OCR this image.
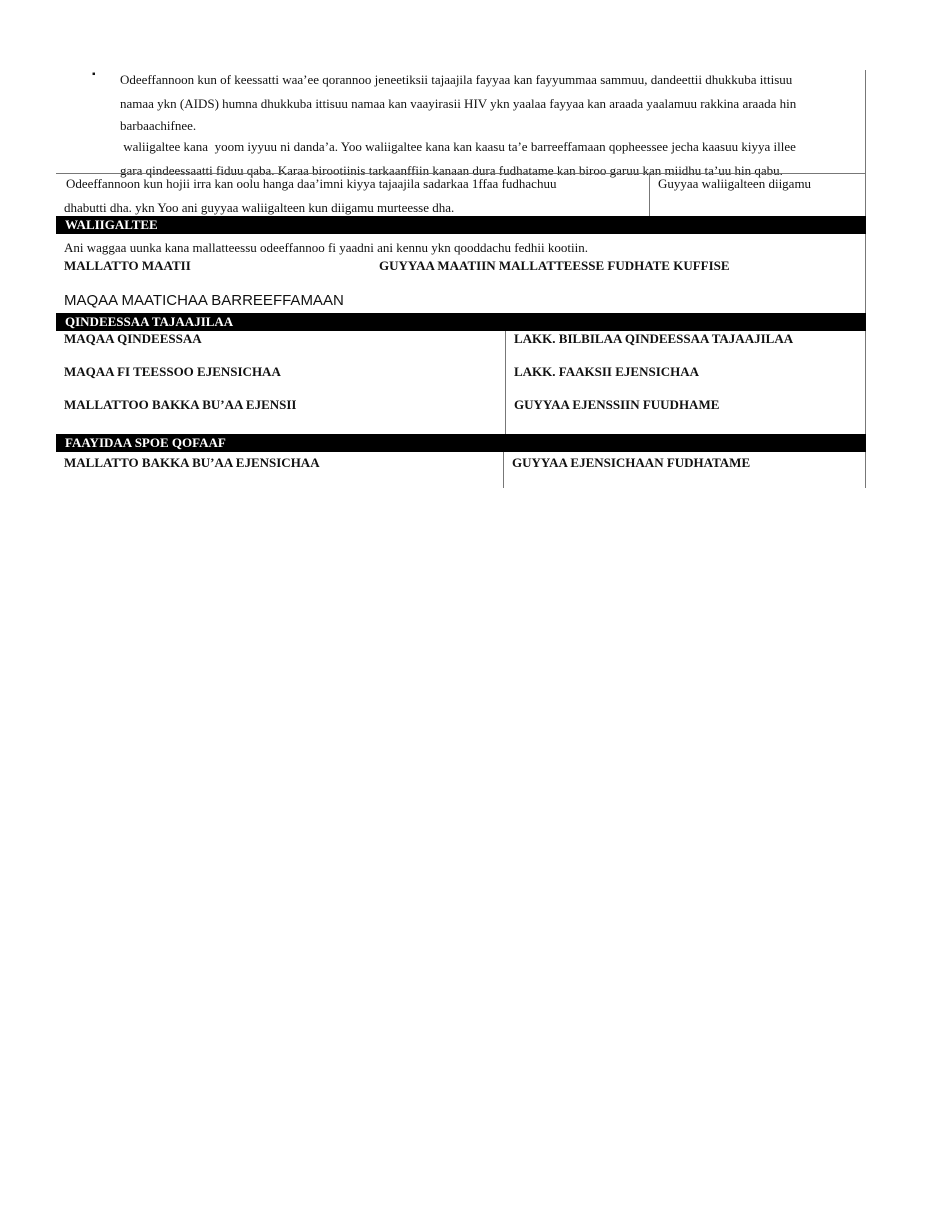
▪ Odeeffannoon kun of keessatti waa’ee qorannoo jeneetiksii tajaajila fayyaa kan fayyummaa sammuu, dandeettii dhukkuba ittisuu
namaa ykn (AIDS) humna dhukkuba ittisuu namaa kan vaayirasii HIV ykn yaalaa fayyaa kan araada yaalamuu rakkina araada hin
barbaachifnee.
waliigaltee kana  yoom iyyuu ni danda’a. Yoo waliigaltee kana kan kaasu ta’e barreeffamaan qopheessee jecha kaasuu kiyya illee
gara qindeessaatti fiduu qaba. Karaa birootiinis tarkaanffiin kanaan dura fudhatame kan biroo garuu kan miidhu ta’uu hin qabu.
Odeeffannoon kun hojii irra kan oolu hanga daa’imni kiyya tajaajila sadarkaa 1ffaa fudhachuu
dhabutti dha. ykn Yoo ani guyyaa waliigalteen kun diigamu murteesse dha.
Guyyaa waliigalteen diigamu
WALIIGALTEE
Ani waggaa uunka kana mallatteessu odeeffannoo fi yaadni ani kennu ykn qooddachu fedhii kootiin.
MALLATTO MAATII	GUYYAA MAATIIN MALLATTEESSE FUDHATE KUFFISE
MAQAA MAATICHAA BARREEFFAMAAN
QINDEESSAA TAJAAJILAA
MAQAA QINDEESSAA
MAQAA FI TEESSOO EJENSICHAA
MALLATTOO BAKKA BU’AA EJENSII
LAKK. BILBILAA QINDEESSAA TAJAAJILAA
LAKK. FAAKSII EJENSICHAA
GUYYAA EJENSSIIN FUUDHAME
FAAYIDAA SPOE QOFAAF
MALLATTO BAKKA BU’AA EJENSICHAA	GUYYAA EJENSICHAAN FUDHATAME
